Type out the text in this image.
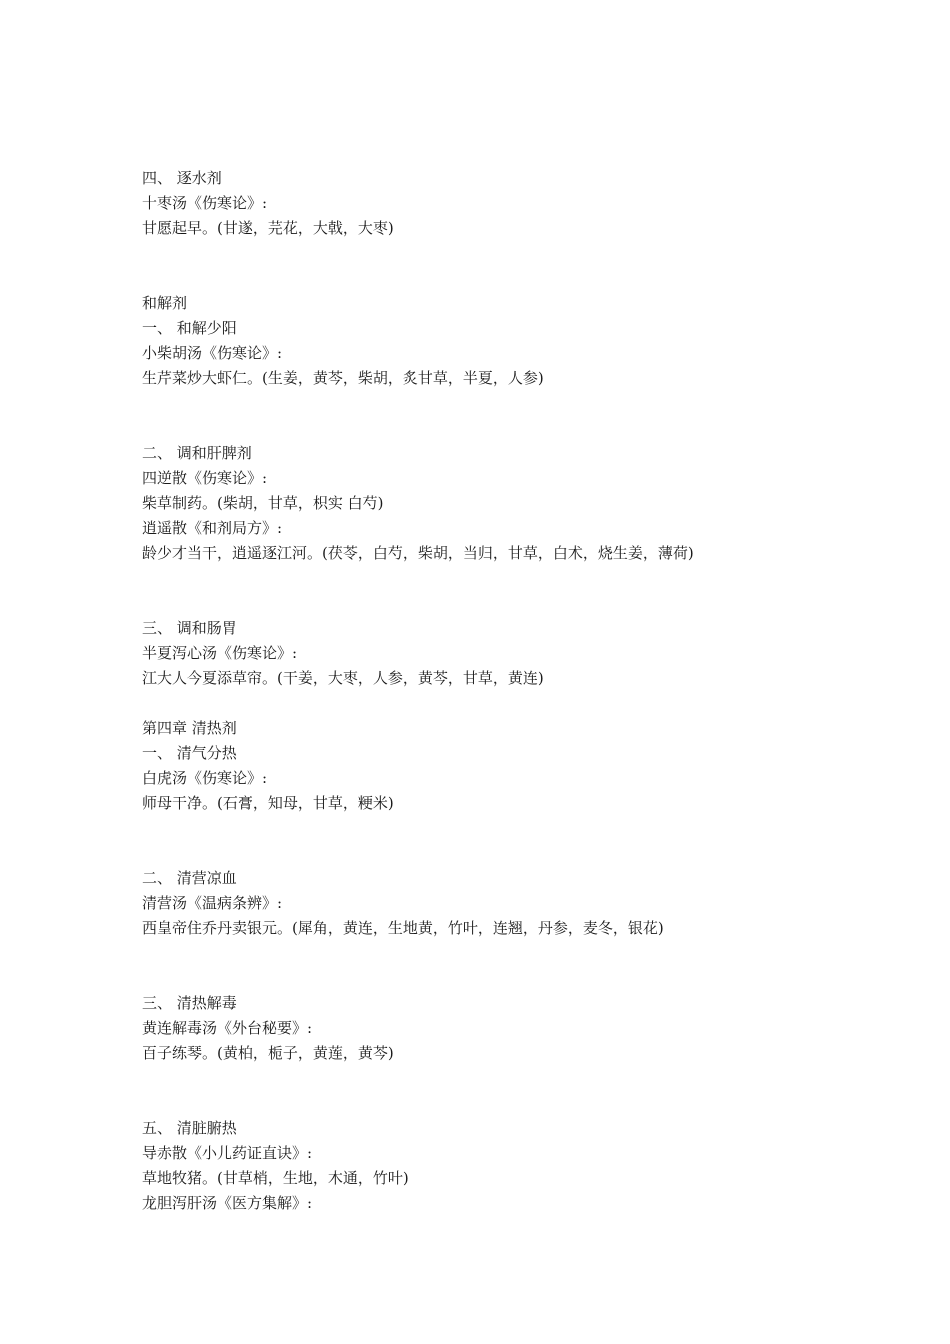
四、 逐水剂
十枣汤《伤寒论》:
甘愿起早。(甘遂，芫花，大戟，大枣)
和解剂
一、 和解少阳
小柴胡汤《伤寒论》:
生芹菜炒大虾仁。(生姜，黄芩，柴胡，炙甘草，半夏，人参)
二、 调和肝脾剂
四逆散《伤寒论》:
柴草制药。(柴胡，甘草，枳实 白芍)
逍遥散《和剂局方》:
龄少才当干，逍遥逐江河。(茯苓，白芍，柴胡，当归，甘草，白术，烧生姜，薄荷)
三、 调和肠胃
半夏泻心汤《伤寒论》:
江大人今夏添草帘。(干姜，大枣，人参，黄芩，甘草，黄连)
第四章 清热剂
一、 清气分热
白虎汤《伤寒论》:
师母干净。(石膏，知母，甘草，粳米)
二、 清营凉血
清营汤《温病条辨》:
西皇帝住乔丹卖银元。(犀角，黄连，生地黄，竹叶，连翘，丹参，麦冬，银花)
三、 清热解毒
黄连解毒汤《外台秘要》:
百子练琴。(黄柏，栀子，黄莲，黄芩)
五、 清脏腑热
导赤散《小儿药证直诀》:
草地牧猪。(甘草梢，生地，木通，竹叶)
龙胆泻肝汤《医方集解》:
